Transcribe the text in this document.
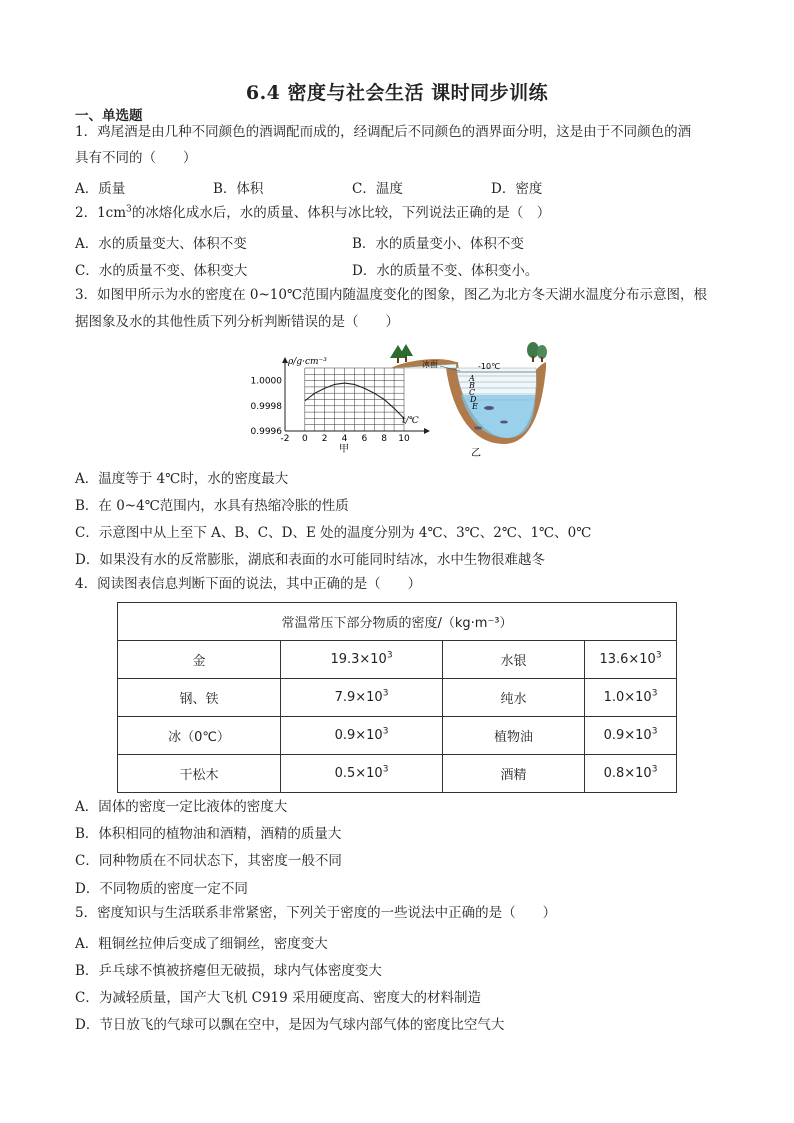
6.4 密度与社会生活 课时同步训练
一、单选题
1．鸡尾酒是由几种不同颜色的酒调配而成的，经调配后不同颜色的酒界面分明，这是由于不同颜色的酒
具有不同的（　　）
A．质量	B．体积	C．温度	D．密度
2．$1cm^3$的冰熔化成水后，水的质量、体积与冰比较，下列说法正确的是（　）
A．水的质量变大、体积不变	B．水的质量变小、体积不变
C．水的质量不变、体积变大	D．水的质量不变、体积变小。
3．如图甲所示为水的密度在 0~10℃范围内随温度变化的图象，图乙为北方冬天湖水温度分布示意图，根
据图象及水的其他性质下列分析判断错误的是（　　）
ρ/g·cm⁻³
t/℃
1.0000
0.9998
0.9996
-2 0 2 4 6 8 10
甲
冰面	-10℃
A
B
C
D
E
乙
A．温度等于 4℃时，水的密度最大
B．在 0~4℃范围内，水具有热缩冷胀的性质
C．示意图中从上至下 A、B、C、D、E 处的温度分别为 4℃、3℃、2℃、1℃、0℃
D．如果没有水的反常膨胀，湖底和表面的水可能同时结冰，水中生物很难越冬
4．阅读图表信息判断下面的说法，其中正确的是（　　）
常温常压下部分物质的密度/（kg·m⁻³）			
金	$19.3\times 10^3$	水银	$13.6\times 10^3$
钢、铁	$7.9\times 10^3$	纯水	$1.0\times 10^3$
冰（0℃）	$0.9\times 10^3$	植物油	$0.9\times 10^3$
干松木	$0.5\times 10^3$	酒精	$0.8\times 10^3$
A．固体的密度一定比液体的密度大
B．体积相同的植物油和酒精，酒精的质量大
C．同种物质在不同状态下，其密度一般不同
D．不同物质的密度一定不同
5．密度知识与生活联系非常紧密，下列关于密度的一些说法中正确的是（　　）
A．粗铜丝拉伸后变成了细铜丝，密度变大
B．乒乓球不慎被挤瘪但无破损，球内气体密度变大
C．为减轻质量，国产大飞机 C919 采用硬度高、密度大的材料制造
D．节日放飞的气球可以飘在空中，是因为气球内部气体的密度比空气大
